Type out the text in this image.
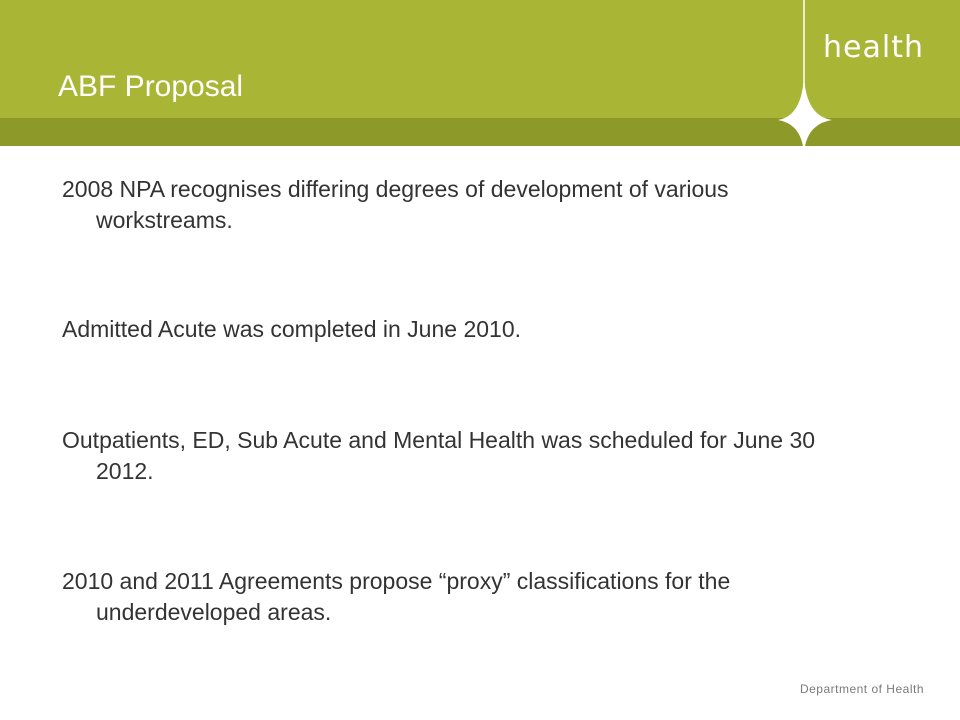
health
ABF Proposal

2008 NPA recognises differing degrees of development of various workstreams.

Admitted Acute was completed in June 2010.

Outpatients, ED, Sub Acute and Mental Health was scheduled for June 30 2012.

2010 and 2011 Agreements propose “proxy” classifications for the underdeveloped areas.

Department of Health
